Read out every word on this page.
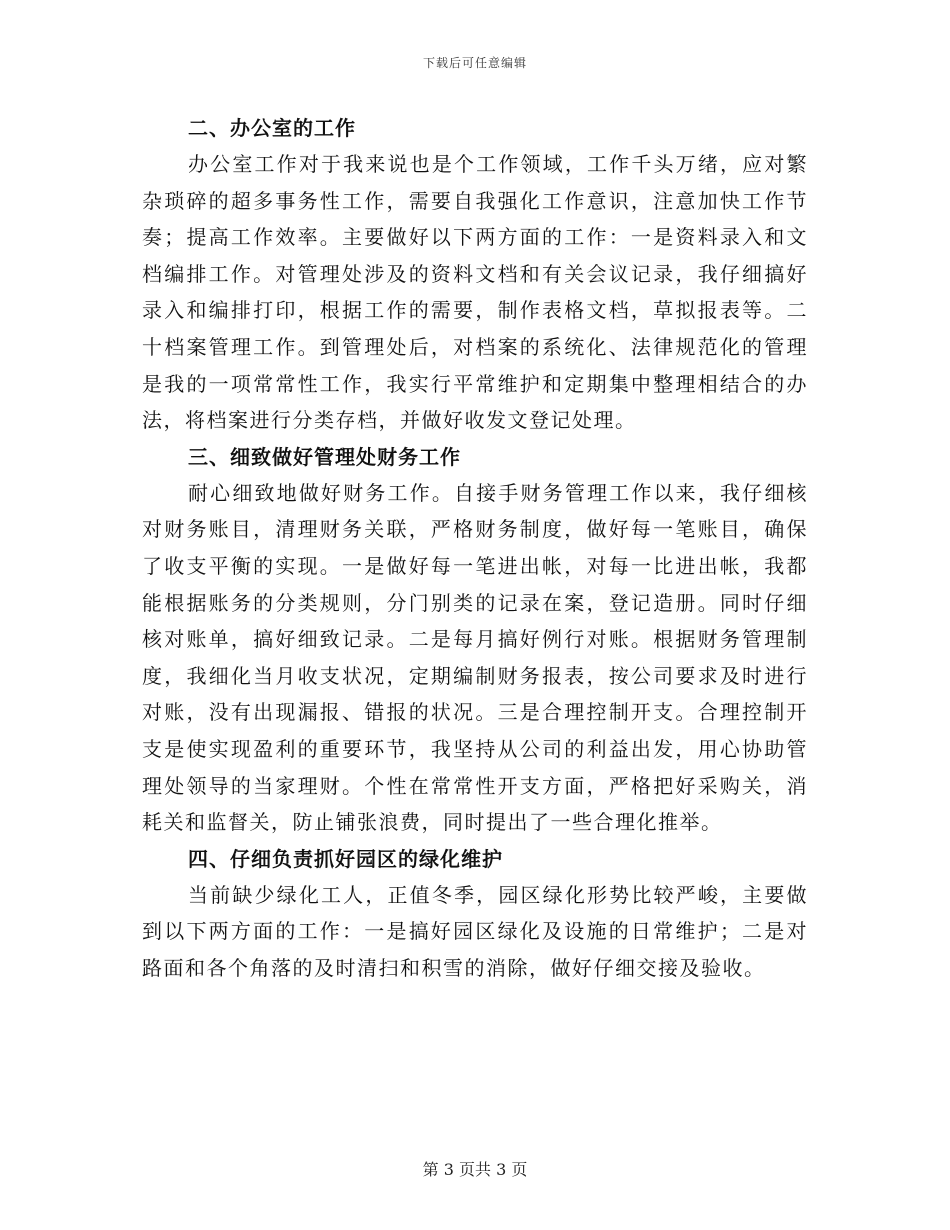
下载后可任意编辑
二、办公室的工作

办公室工作对于我来说也是个工作领域，工作千头万绪，应对繁杂琐碎的超多事务性工作，需要自我强化工作意识，注意加快工作节奏；提高工作效率。主要做好以下两方面的工作：一是资料录入和文档编排工作。对管理处涉及的资料文档和有关会议记录，我仔细搞好录入和编排打印，根据工作的需要，制作表格文档，草拟报表等。二十档案管理工作。到管理处后，对档案的系统化、法律规范化的管理是我的一项常常性工作，我实行平常维护和定期集中整理相结合的办法，将档案进行分类存档，并做好收发文登记处理。

三、细致做好管理处财务工作

耐心细致地做好财务工作。自接手财务管理工作以来，我仔细核对财务账目，清理财务关联，严格财务制度，做好每一笔账目，确保了收支平衡的实现。一是做好每一笔进出帐，对每一比进出帐，我都能根据账务的分类规则，分门别类的记录在案，登记造册。同时仔细核对账单，搞好细致记录。二是每月搞好例行对账。根据财务管理制度，我细化当月收支状况，定期编制财务报表，按公司要求及时进行对账，没有出现漏报、错报的状况。三是合理控制开支。合理控制开支是使实现盈利的重要环节，我坚持从公司的利益出发，用心协助管理处领导的当家理财。个性在常常性开支方面，严格把好采购关，消耗关和监督关，防止铺张浪费，同时提出了一些合理化推举。

四、仔细负责抓好园区的绿化维护

当前缺少绿化工人，正值冬季，园区绿化形势比较严峻，主要做到以下两方面的工作：一是搞好园区绿化及设施的日常维护；二是对路面和各个角落的及时清扫和积雪的消除，做好仔细交接及验收。

第 3 页共 3 页
